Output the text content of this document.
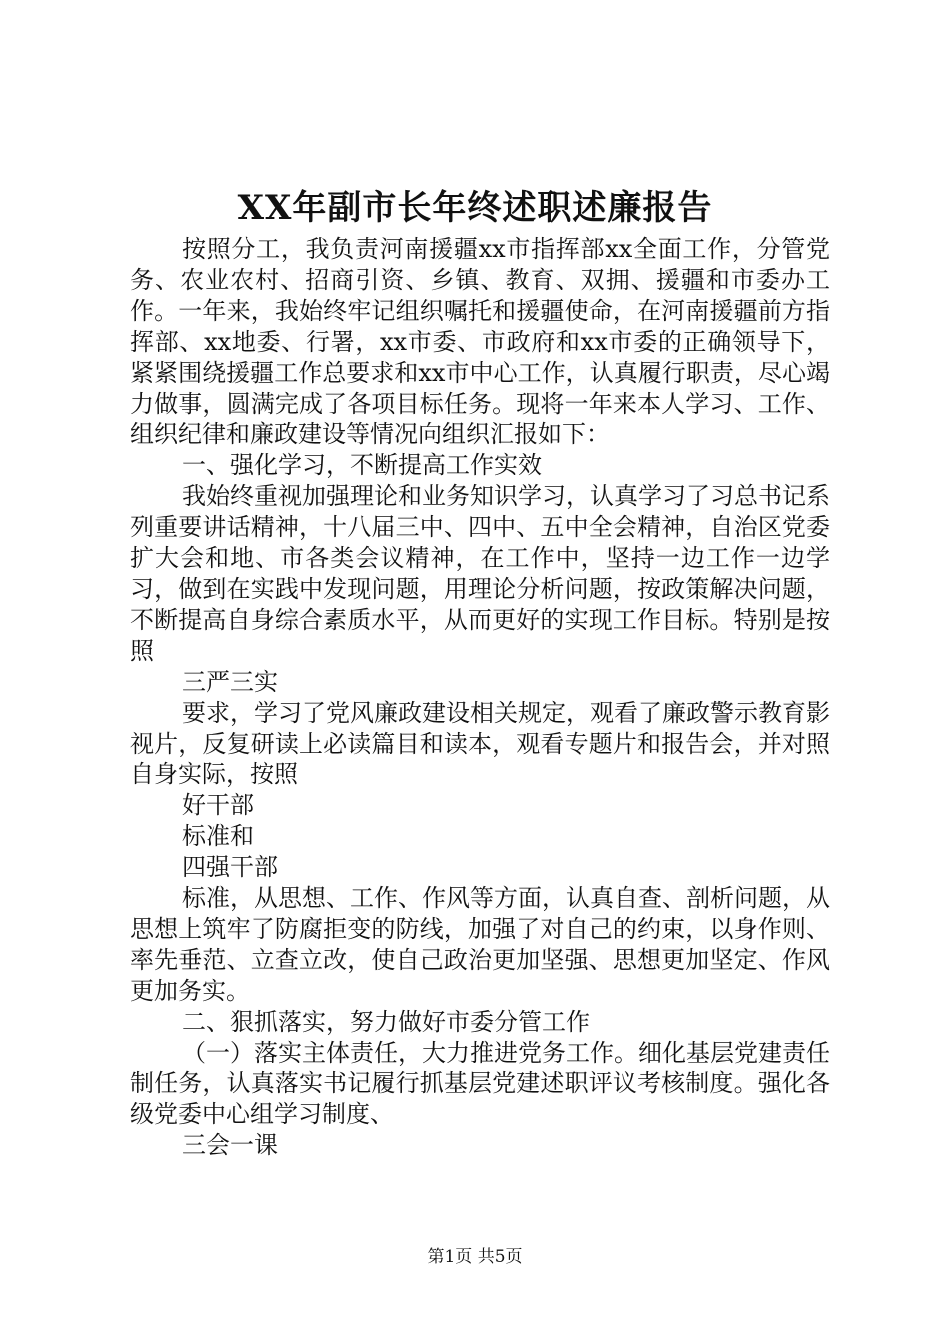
XX年副市长年终述职述廉报告

按照分工，我负责河南援疆xx市指挥部xx全面工作，分管党务、农业农村、招商引资、乡镇、教育、双拥、援疆和市委办工作。一年来，我始终牢记组织嘱托和援疆使命，在河南援疆前方指挥部、xx地委、行署，xx市委、市政府和xx市委的正确领导下，紧紧围绕援疆工作总要求和xx市中心工作，认真履行职责，尽心竭力做事，圆满完成了各项目标任务。现将一年来本人学习、工作、组织纪律和廉政建设等情况向组织汇报如下：

一、强化学习，不断提高工作实效

我始终重视加强理论和业务知识学习，认真学习了习总书记系列重要讲话精神，十八届三中、四中、五中全会精神，自治区党委扩大会和地、市各类会议精神，在工作中，坚持一边工作一边学习，做到在实践中发现问题，用理论分析问题，按政策解决问题，不断提高自身综合素质水平，从而更好的实现工作目标。特别是按照

三严三实

要求，学习了党风廉政建设相关规定，观看了廉政警示教育影视片，反复研读上必读篇目和读本，观看专题片和报告会，并对照自身实际，按照

好干部

标准和

四强干部

标准，从思想、工作、作风等方面，认真自查、剖析问题，从思想上筑牢了防腐拒变的防线，加强了对自己的约束，以身作则、率先垂范、立查立改，使自己政治更加坚强、思想更加坚定、作风更加务实。

二、狠抓落实，努力做好市委分管工作

（一）落实主体责任，大力推进党务工作。细化基层党建责任制任务，认真落实书记履行抓基层党建述职评议考核制度。强化各级党委中心组学习制度、

三会一课

第1页 共5页
